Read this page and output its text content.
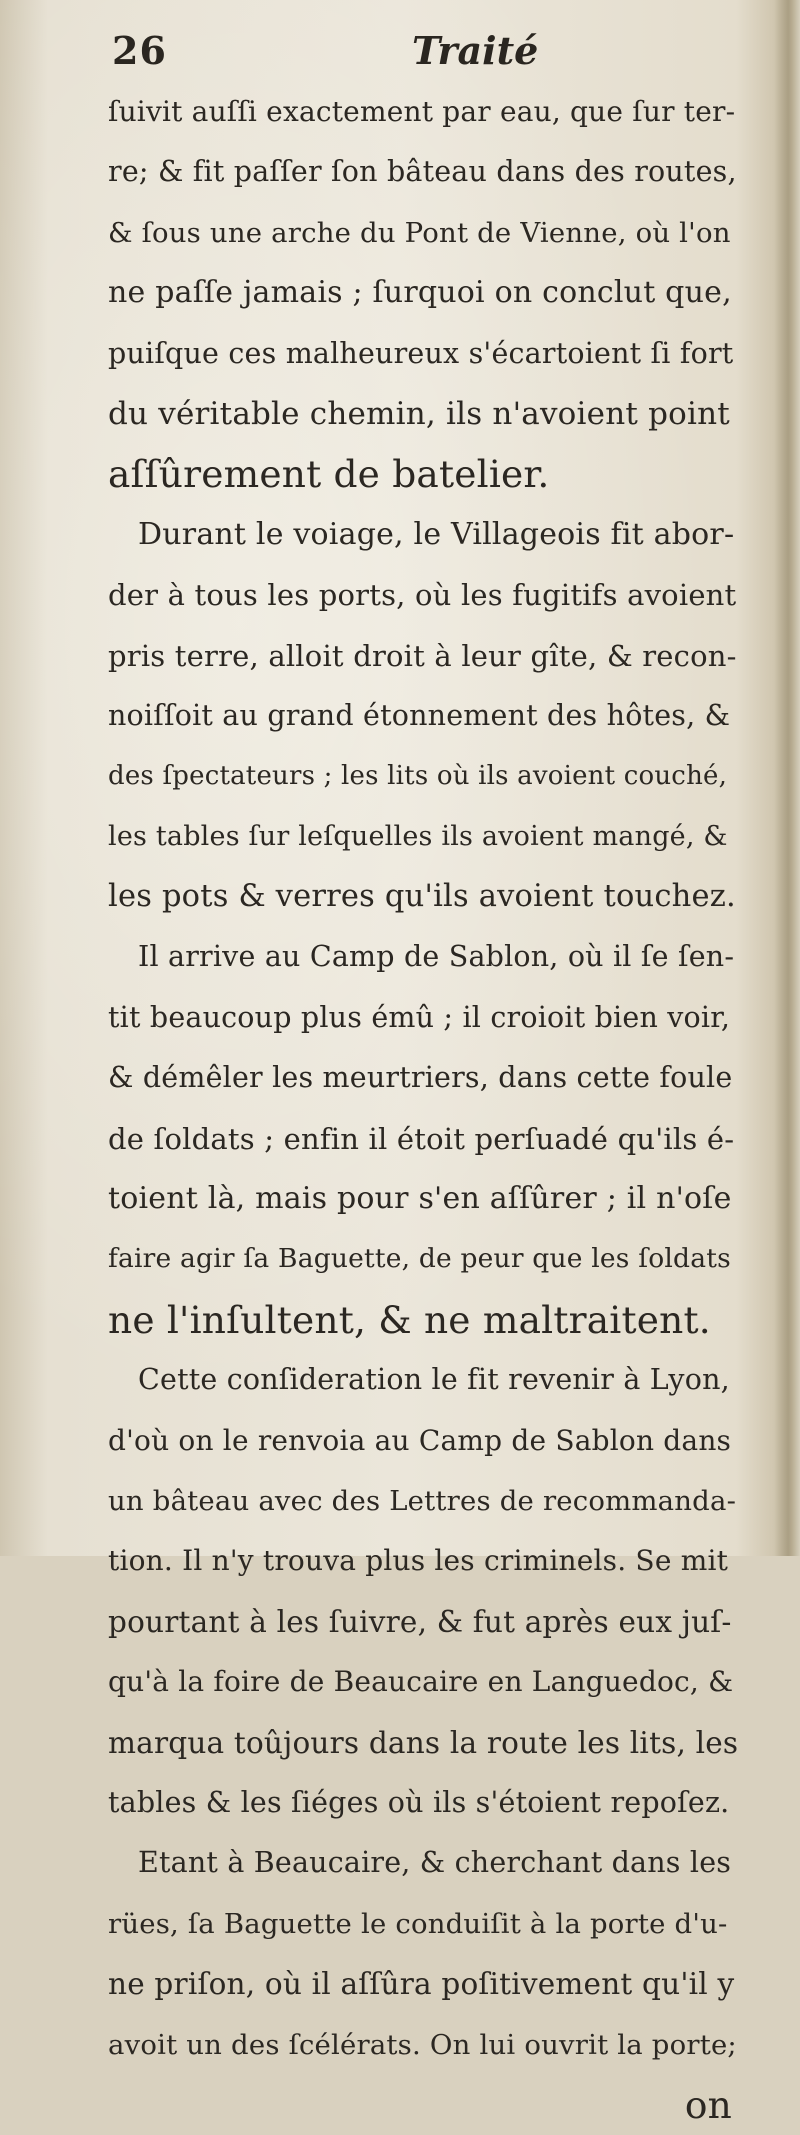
26	Traité
ſuivit auſſi exactement par eau, que ſur ter-
re; & fit paſſer ſon bâteau dans des routes,
& ſous une arche du Pont de Vienne, où l'on
ne paſſe jamais ; ſurquoi on conclut que,
puiſque ces malheureux s'écartoient ſi fort
du véritable chemin, ils n'avoient point
aſſûrement de batelier.
Durant le voiage, le Villageois fit abor-
der à tous les ports, où les fugitifs avoient
pris terre, alloit droit à leur gîte, & recon-
noiſſoit au grand étonnement des hôtes, &
des ſpectateurs ; les lits où ils avoient couché,
les tables ſur leſquelles ils avoient mangé, &
les pots & verres qu'ils avoient touchez.
Il arrive au Camp de Sablon, où il ſe ſen-
tit beaucoup plus émû ; il croioit bien voir,
& démêler les meurtriers, dans cette foule
de ſoldats ; enfin il étoit perſuadé qu'ils é-
toient là, mais pour s'en aſſûrer ; il n'oſe
faire agir ſa Baguette, de peur que les ſoldats
ne l'inſultent, & ne maltraitent.
Cette conſideration le fit revenir à Lyon,
d'où on le renvoia au Camp de Sablon dans
un bâteau avec des Lettres de recommanda-
tion. Il n'y trouva plus les criminels. Se mit
pourtant à les ſuivre, & fut après eux juſ-
qu'à la foire de Beaucaire en Languedoc, &
marqua toûjours dans la route les lits, les
tables & les ſiéges où ils s'étoient repoſez.
Etant à Beaucaire, & cherchant dans les
rües, ſa Baguette le conduiſit à la porte d'u-
ne priſon, où il aſſûra poſitivement qu'il y
avoit un des ſcélérats. On lui ouvrit la porte;
on
